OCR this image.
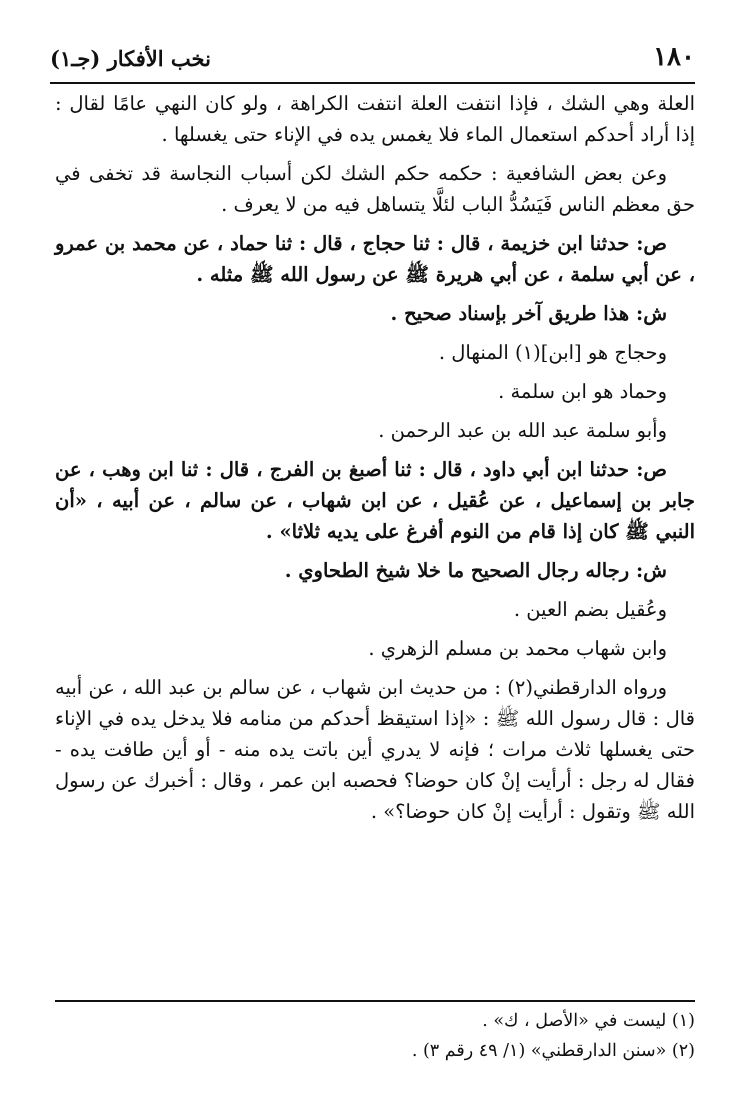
١٨٠
نخب الأفكار (جـ١)

العلة وهي الشك ، فإذا انتفت العلة انتفت الكراهة ، ولو كان النهي عامًا لقال : إذا أراد أحدكم استعمال الماء فلا يغمس يده في الإناء حتى يغسلها .

وعن بعض الشافعية : حكمه حكم الشك لكن أسباب النجاسة قد تخفى في حق معظم الناس فَيَسُدُّ الباب لئلَّا يتساهل فيه من لا يعرف .

ص: حدثنا ابن خزيمة ، قال : ثنا حجاج ، قال : ثنا حماد ، عن محمد بن عمرو ، عن أبي سلمة ، عن أبي هريرة ﷺ عن رسول الله ﷺ مثله .

ش: هذا طريق آخر بإسناد صحيح .

وحجاج هو [ابن](١) المنهال .

وحماد هو ابن سلمة .

وأبو سلمة عبد الله بن عبد الرحمن .

ص: حدثنا ابن أبي داود ، قال : ثنا أصبغ بن الفرج ، قال : ثنا ابن وهب ، عن جابر بن إسماعيل ، عن عُقيل ، عن ابن شهاب ، عن سالم ، عن أبيه ، «أن النبي ﷺ كان إذا قام من النوم أفرغ على يديه ثلاثا» .

ش: رجاله رجال الصحيح ما خلا شيخ الطحاوي .

وعُقيل بضم العين .

وابن شهاب محمد بن مسلم الزهري .

ورواه الدارقطني(٢) : من حديث ابن شهاب ، عن سالم بن عبد الله ، عن أبيه قال : قال رسول الله ﷺ : «إذا استيقظ أحدكم من منامه فلا يدخل يده في الإناء حتى يغسلها ثلاث مرات ؛ فإنه لا يدري أين باتت يده منه - أو أين طافت يده - فقال له رجل : أرأيت إنْ كان حوضا؟ فحصبه ابن عمر ، وقال : أخبرك عن رسول الله ﷺ وتقول : أرأيت إنْ كان حوضا؟» .

(١) ليست في «الأصل ، ك» .

(٢) «سنن الدارقطني» (١/ ٤٩ رقم ٣) .
